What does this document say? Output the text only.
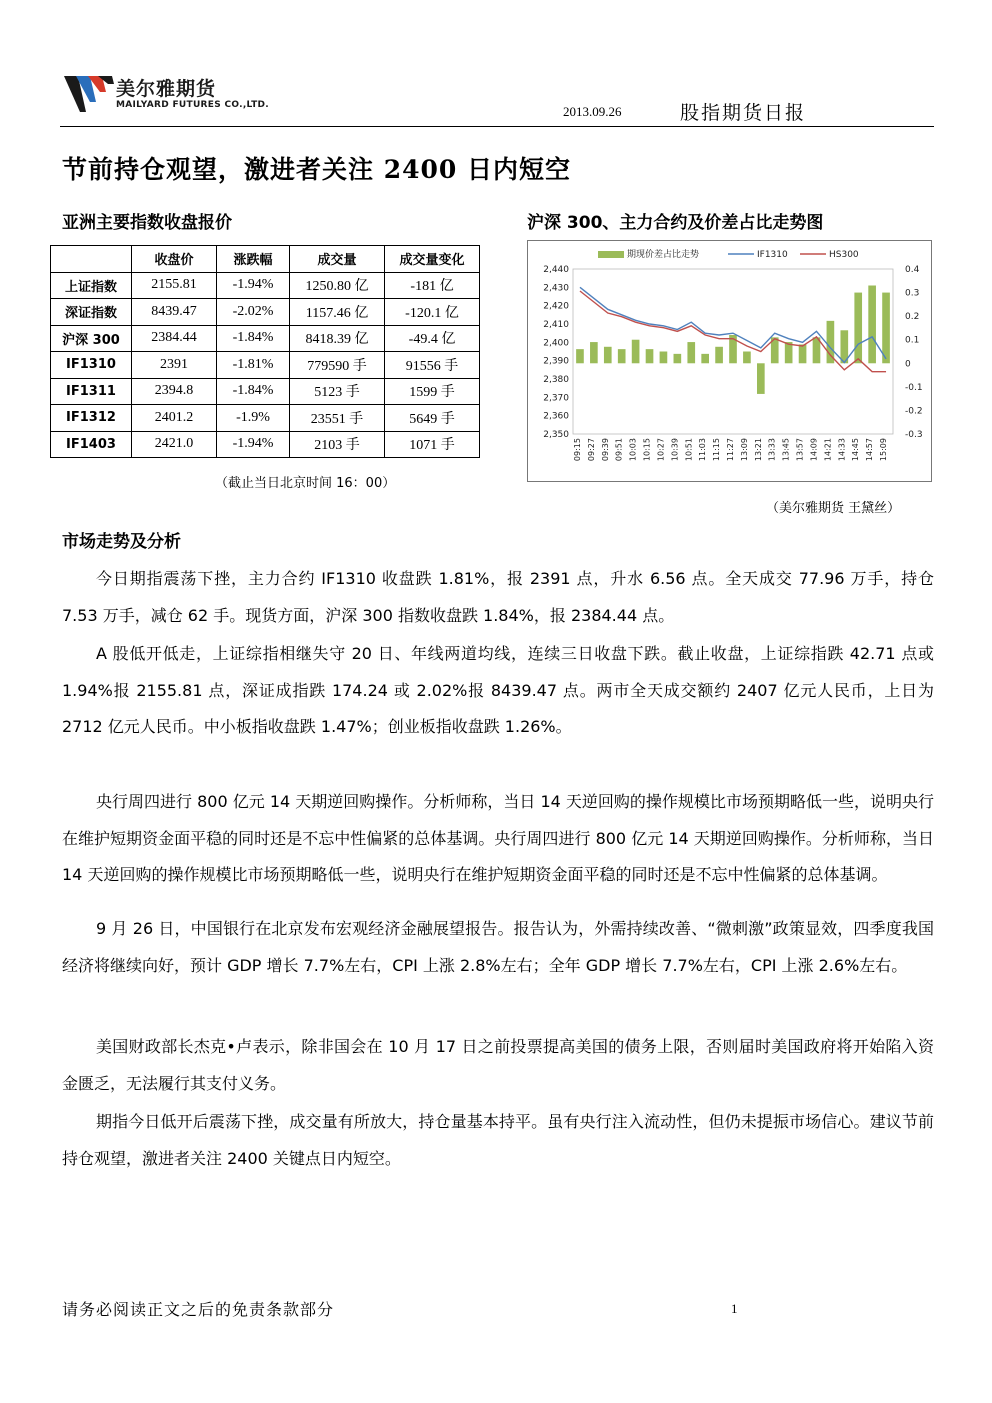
美尔雅期货
MAILYARD FUTURES CO.,LTD.	2013.09.26	股指期货日报
节前持仓观望，激进者关注 2400 日内短空
亚洲主要指数收盘报价
	收盘价	涨跌幅	成交量	成交量变化
上证指数	2155.81	-1.94%	1250.80 亿	-181 亿
深证指数	8439.47	-2.02%	1157.46 亿	-120.1 亿
沪深 300	2384.44	-1.84%	8418.39 亿	-49.4 亿
IF1310	2391	-1.81%	779590 手	91556 手
IF1311	2394.8	-1.84%	5123 手	1599 手
IF1312	2401.2	-1.9%	23551 手	5649 手
IF1403	2421.0	-1.94%	2103 手	1071 手
（截止当日北京时间 16：00）
沪深 300、主力合约及价差占比走势图
2,440
2,430
2,420
2,410
2,400
2,390
2,380
2,370
2,360
2,350
0.4
0.3
0.2
0.1
0
-0.1
-0.2
-0.3
09:15 09:27 09:39 09:51 10:03 10:15 10:27 10:39 10:51 11:03 11:15 11:27 13:09 13:21 13:33 13:45 13:57 14:09 14:21 14:33 14:45 14:57 15:09
期现价差占比走势	IF1310	HS300
（美尔雅期货 王黛丝）
市场走势及分析

今日期指震荡下挫，主力合约 IF1310 收盘跌 1.81%，报 2391 点，升水 6.56 点。全天成交 77.96 万手，持仓 7.53 万手，减仓 62 手。现货方面，沪深 300 指数收盘跌 1.84%，报 2384.44 点。

A 股低开低走，上证综指相继失守 20 日、年线两道均线，连续三日收盘下跌。截止收盘，上证综指跌 42.71 点或 1.94%报 2155.81 点，深证成指跌 174.24 或 2.02%报 8439.47 点。两市全天成交额约 2407 亿元人民币，上日为 2712 亿元人民币。中小板指收盘跌 1.47%；创业板指收盘跌 1.26%。

央行周四进行 800 亿元 14 天期逆回购操作。分析师称，当日 14 天逆回购的操作规模比市场预期略低一些，说明央行在维护短期资金面平稳的同时还是不忘中性偏紧的总体基调。央行周四进行 800 亿元 14 天期逆回购操作。分析师称，当日 14 天逆回购的操作规模比市场预期略低一些，说明央行在维护短期资金面平稳的同时还是不忘中性偏紧的总体基调。

9 月 26 日，中国银行在北京发布宏观经济金融展望报告。报告认为，外需持续改善、“微刺激”政策显效，四季度我国经济将继续向好，预计 GDP 增长 7.7%左右，CPI 上涨 2.8%左右；全年 GDP 增长 7.7%左右，CPI 上涨 2.6%左右。

美国财政部长杰克•卢表示，除非国会在 10 月 17 日之前投票提高美国的债务上限，否则届时美国政府将开始陷入资金匮乏，无法履行其支付义务。

期指今日低开后震荡下挫，成交量有所放大，持仓量基本持平。虽有央行注入流动性，但仍未提振市场信心。建议节前持仓观望，激进者关注 2400 关键点日内短空。

请务必阅读正文之后的免责条款部分	1
